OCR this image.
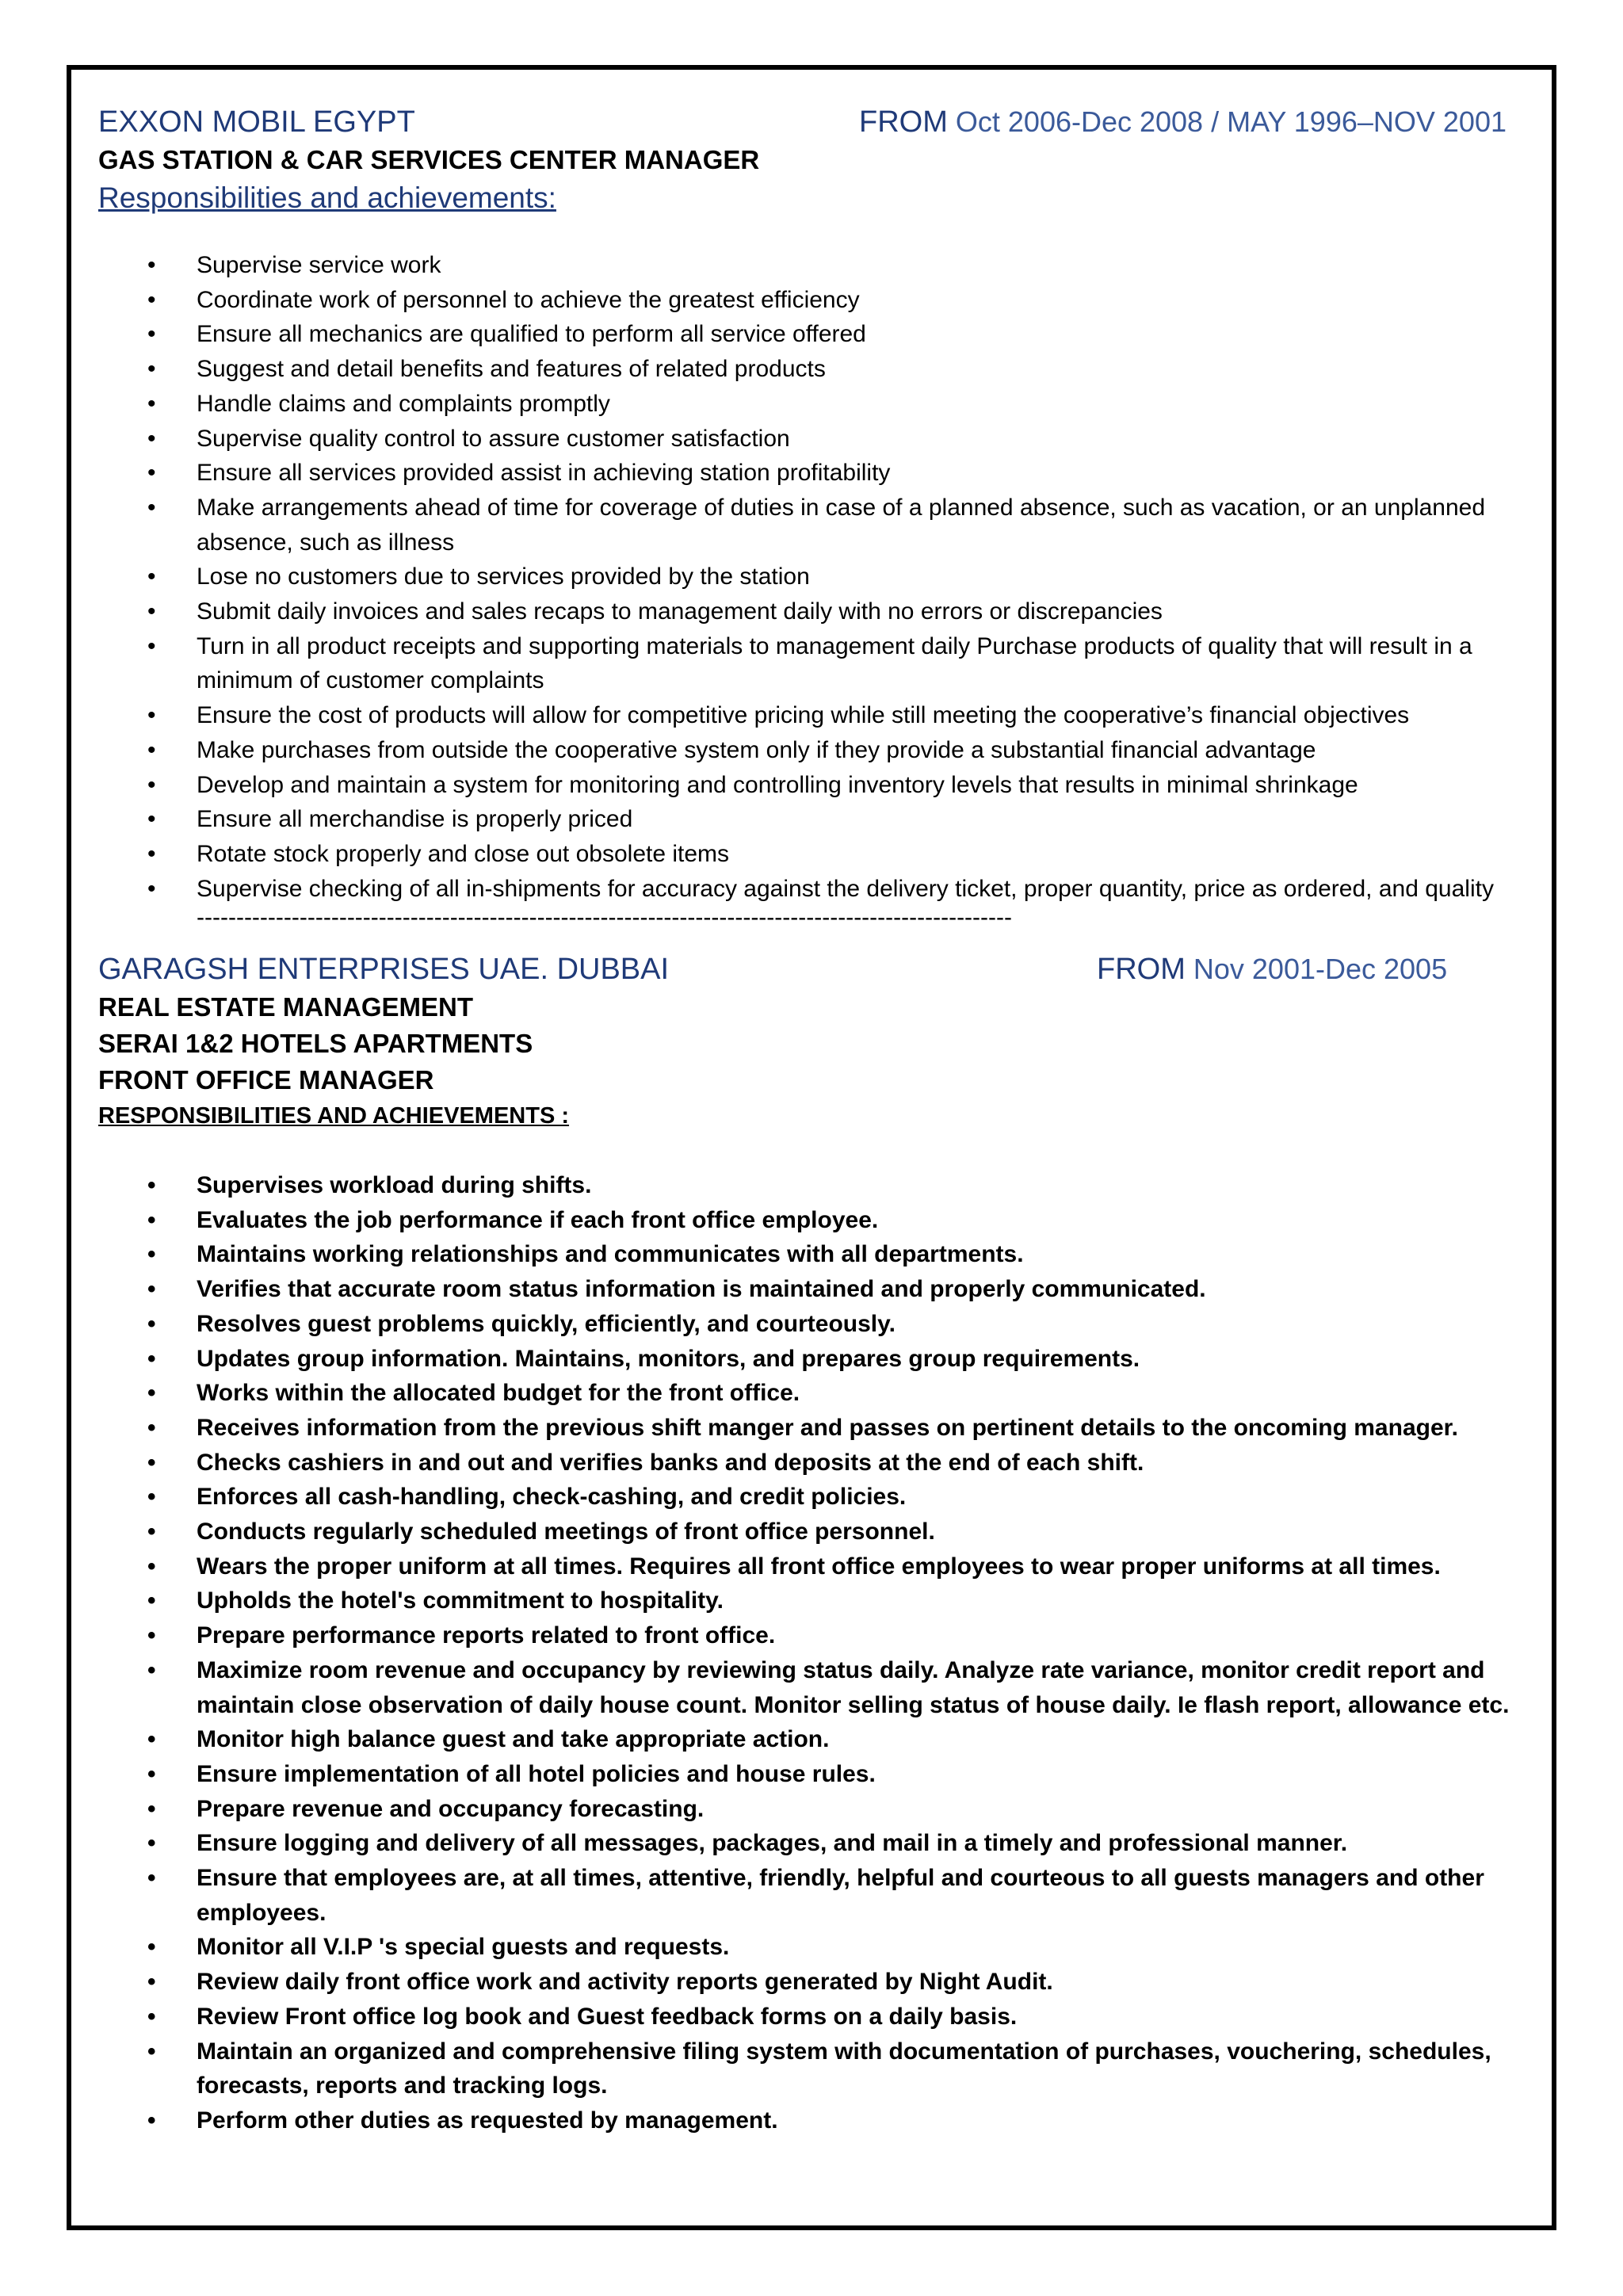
EXXON MOBIL EGYPT	FROM Oct 2006-Dec 2008 / MAY 1996–NOV 2001
GAS STATION & CAR SERVICES CENTER MANAGER
Responsibilities and achievements:
• Supervise service work
• Coordinate work of personnel to achieve the greatest efficiency
• Ensure all mechanics are qualified to perform all service offered
• Suggest and detail benefits and features of related products
• Handle claims and complaints promptly
• Supervise quality control to assure customer satisfaction
• Ensure all services provided assist in achieving station profitability
• Make arrangements ahead of time for coverage of duties in case of a planned absence, such as vacation, or an unplanned absence, such as illness
• Lose no customers due to services provided by the station
• Submit daily invoices and sales recaps to management daily with no errors or discrepancies
• Turn in all product receipts and supporting materials to management daily Purchase products of quality that will result in a minimum of customer complaints
• Ensure the cost of products will allow for competitive pricing while still meeting the cooperative’s financial objectives
• Make purchases from outside the cooperative system only if they provide a substantial financial advantage
• Develop and maintain a system for monitoring and controlling inventory levels that results in minimal shrinkage
• Ensure all merchandise is properly priced
• Rotate stock properly and close out obsolete items
• Supervise checking of all in-shipments for accuracy against the delivery ticket, proper quantity, price as ordered, and quality
-------------------------------------------------------------------------------------------------------
GARAGSH ENTERPRISES UAE. DUBBAI	FROM Nov 2001-Dec 2005
REAL ESTATE MANAGEMENT
SERAI 1&2 HOTELS APARTMENTS
FRONT OFFICE MANAGER
RESPONSIBILITIES AND ACHIEVEMENTS :
• Supervises workload during shifts.
• Evaluates the job performance if each front office employee.
• Maintains working relationships and communicates with all departments.
• Verifies that accurate room status information is maintained and properly communicated.
• Resolves guest problems quickly, efficiently, and courteously.
• Updates group information. Maintains, monitors, and prepares group requirements.
• Works within the allocated budget for the front office.
• Receives information from the previous shift manger and passes on pertinent details to the oncoming manager.
• Checks cashiers in and out and verifies banks and deposits at the end of each shift.
• Enforces all cash-handling, check-cashing, and credit policies.
• Conducts regularly scheduled meetings of front office personnel.
• Wears the proper uniform at all times. Requires all front office employees to wear proper uniforms at all times.
• Upholds the hotel's commitment to hospitality.
• Prepare performance reports related to front office.
• Maximize room revenue and occupancy by reviewing status daily. Analyze rate variance, monitor credit report and maintain close observation of daily house count. Monitor selling status of house daily. Ie flash report, allowance etc.
• Monitor high balance guest and take appropriate action.
• Ensure implementation of all hotel policies and house rules.
• Prepare revenue and occupancy forecasting.
• Ensure logging and delivery of all messages, packages, and mail in a timely and professional manner.
• Ensure that employees are, at all times, attentive, friendly, helpful and courteous to all guests managers and other employees.
• Monitor all V.I.P 's special guests and requests.
• Review daily front office work and activity reports generated by Night Audit.
• Review Front office log book and Guest feedback forms on a daily basis.
• Maintain an organized and comprehensive filing system with documentation of purchases, vouchering, schedules, forecasts, reports and tracking logs.
• Perform other duties as requested by management.
